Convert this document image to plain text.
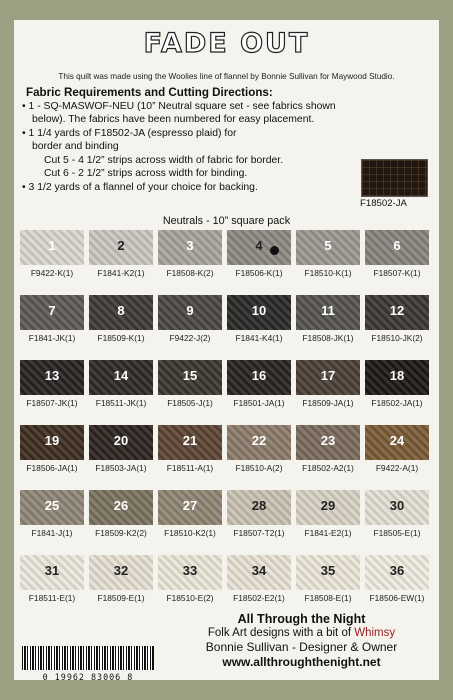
FADE OUT
This quilt was made using the Woolies line of flannel by Bonnie Sullivan for Maywood Studio.
Fabric Requirements and Cutting Directions:
• 1 - SQ-MASWOF-NEU (10” Neutral square set - see fabrics shown
below). The fabrics have been numbered for easy placement.
• 1 1/4 yards of F18502-JA (espresso plaid) for
border and binding
Cut 5 - 4 1/2” strips across width of fabric for border.
Cut 6 - 2 1/2” strips across width for binding.
• 3 1/2 yards of a flannel of your choice for backing.
F18502-JA
Neutrals - 10” square pack
1
F9422-K(1)
2
F1841-K2(1)
3
F18508-K(2)
4
F18506-K(1)
5
F18510-K(1)
6
F18507-K(1)
7
F1841-JK(1)
8
F18509-K(1)
9
F9422-J(2)
10
F1841-K4(1)
11
F18508-JK(1)
12
F18510-JK(2)
13
F18507-JK(1)
14
F18511-JK(1)
15
F18505-J(1)
16
F18501-JA(1)
17
F18509-JA(1)
18
F18502-JA(1)
19
F18506-JA(1)
20
F18503-JA(1)
21
F18511-A(1)
22
F18510-A(2)
23
F18502-A2(1)
24
F9422-A(1)
25
F1841-J(1)
26
F18509-K2(2)
27
F18510-K2(1)
28
F18507-T2(1)
29
F1841-E2(1)
30
F18505-E(1)
31
F18511-E(1)
32
F18509-E(1)
33
F18510-E(2)
34
F18502-E2(1)
35
F18508-E(1)
36
F18506-EW(1)
0 19962 83006 8
All Through the Night
Folk Art designs with a bit of Whimsy
Bonnie Sullivan - Designer & Owner
www.allthroughthenight.net
